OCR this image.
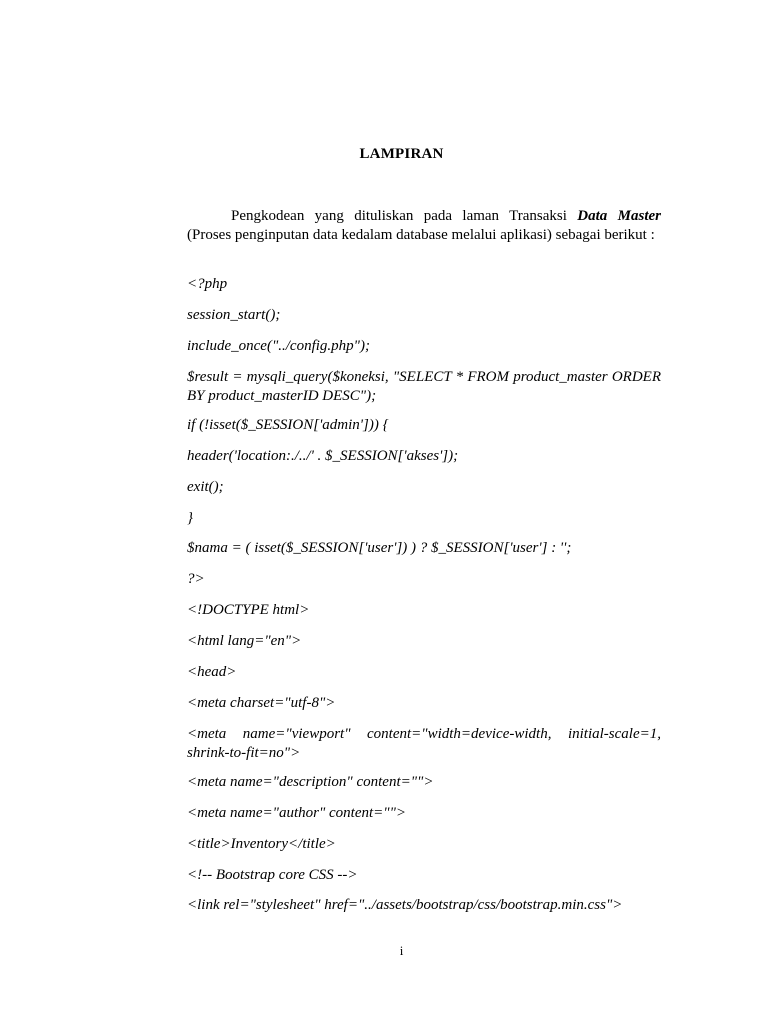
LAMPIRAN
Pengkodean yang dituliskan pada laman Transaksi Data Master (Proses penginputan data kedalam database melalui aplikasi) sebagai berikut :
<?php
session_start();
include_once("../config.php");
$result = mysqli_query($koneksi, "SELECT * FROM product_master ORDER BY product_masterID DESC");
if (!isset($_SESSION['admin'])) {
header('location:./../' . $_SESSION['akses']);
exit();
}
$nama = ( isset($_SESSION['user']) ) ? $_SESSION['user'] : '';
?>
<!DOCTYPE html>
<html lang="en">
<head>
<meta charset="utf-8">
<meta name="viewport" content="width=device-width, initial-scale=1, shrink-to-fit=no">
<meta name="description" content="">
<meta name="author" content="">
<title>Inventory</title>
<!-- Bootstrap core CSS -->
<link rel="stylesheet" href="../assets/bootstrap/css/bootstrap.min.css">
i
